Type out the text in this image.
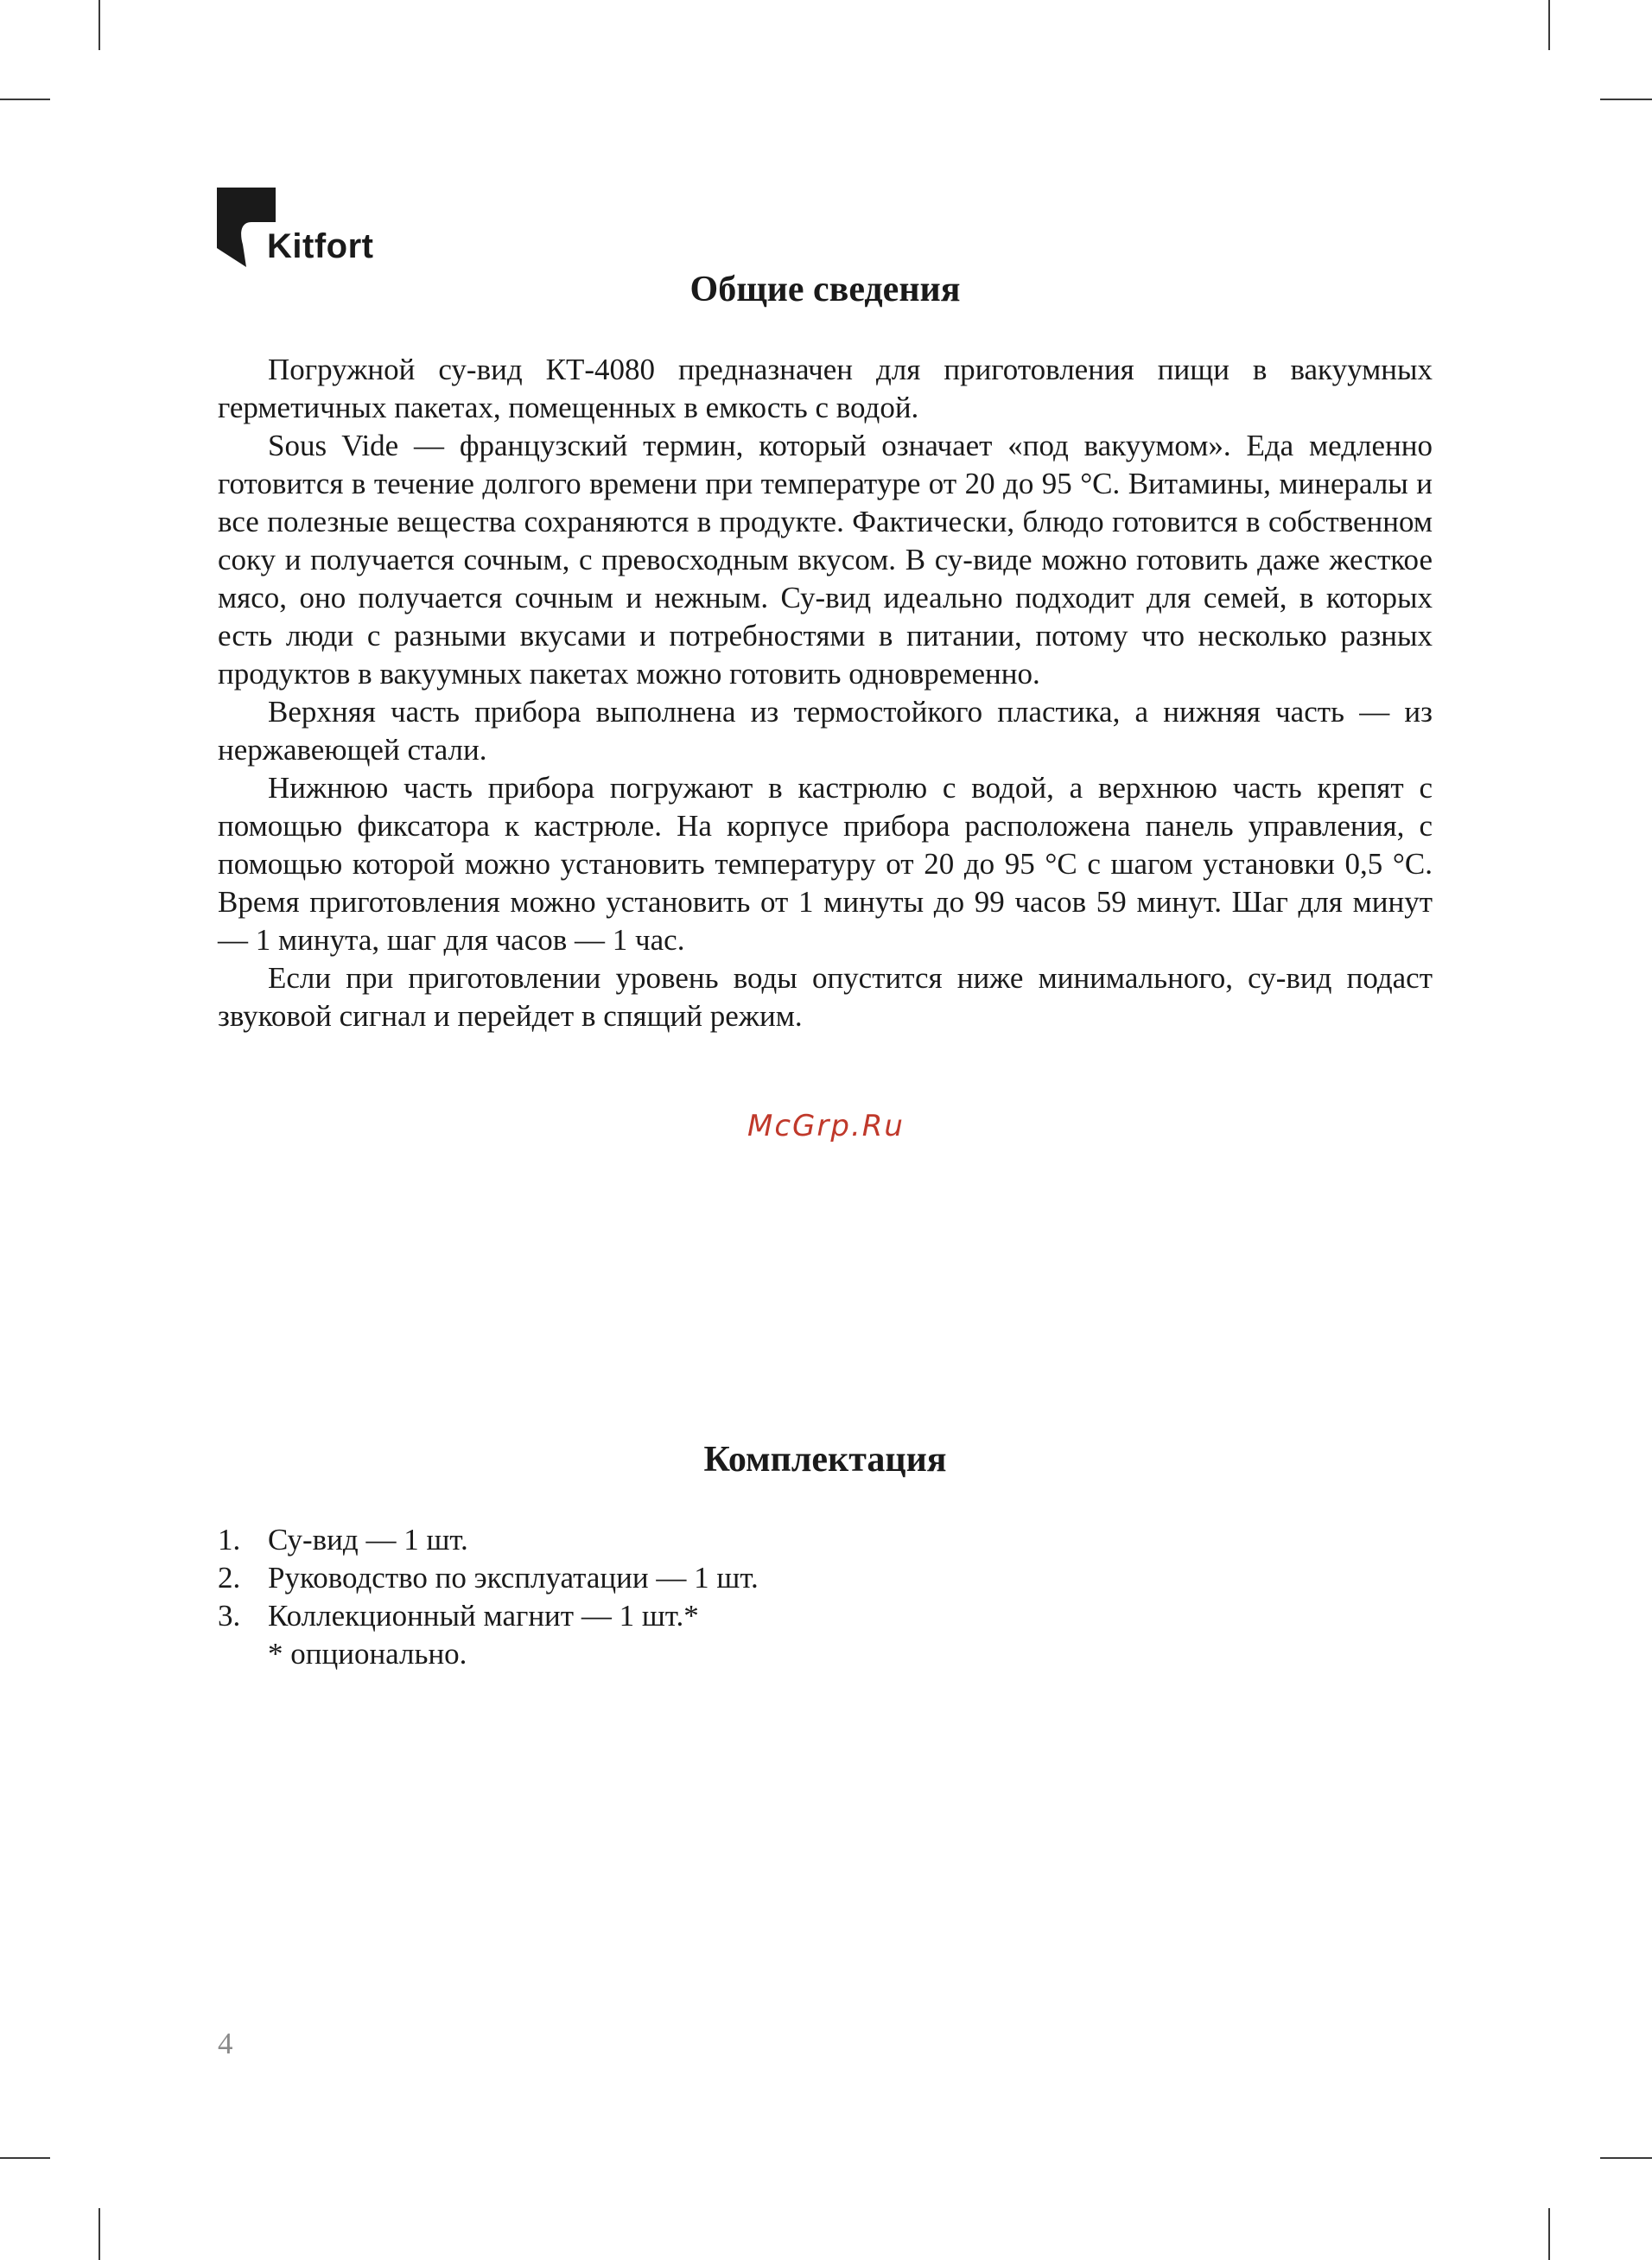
Kitfort
Общие сведения

Погружной су-вид КТ-4080 предназначен для приготовления пищи в вакуумных герметичных пакетах, помещенных в емкость с водой.

Sous Vide — французский термин, который означает «под вакуумом». Еда медленно готовится в течение долгого времени при температуре от 20 до 95 °C. Витамины, минералы и все полезные вещества сохраняются в продукте. Фактически, блюдо готовится в собственном соку и получается сочным, с превосходным вкусом. В су-виде можно готовить даже жесткое мясо, оно получается сочным и нежным. Су-вид идеально подходит для семей, в которых есть люди с разными вкусами и потребностями в питании, потому что несколько разных продуктов в вакуумных пакетах можно готовить одновременно.

Верхняя часть прибора выполнена из термостойкого пластика, а нижняя часть — из нержавеющей стали.

Нижнюю часть прибора погружают в кастрюлю с водой, а верхнюю часть крепят с помощью фиксатора к кастрюле. На корпусе прибора расположена панель управления, с помощью которой можно установить температуру от 20 до 95 °C с шагом установки 0,5 °C. Время приготовления можно установить от 1 минуты до 99 часов 59 минут. Шаг для минут — 1 минута, шаг для часов — 1 час.

Если при приготовлении уровень воды опустится ниже минимального, су-вид подаст звуковой сигнал и перейдет в спящий режим.

Комплектация
1. Су-вид — 1 шт.
2. Руководство по эксплуатации — 1 шт.
3. Коллекционный магнит — 1 шт.*
* опционально.
McGrp.Ru
4
